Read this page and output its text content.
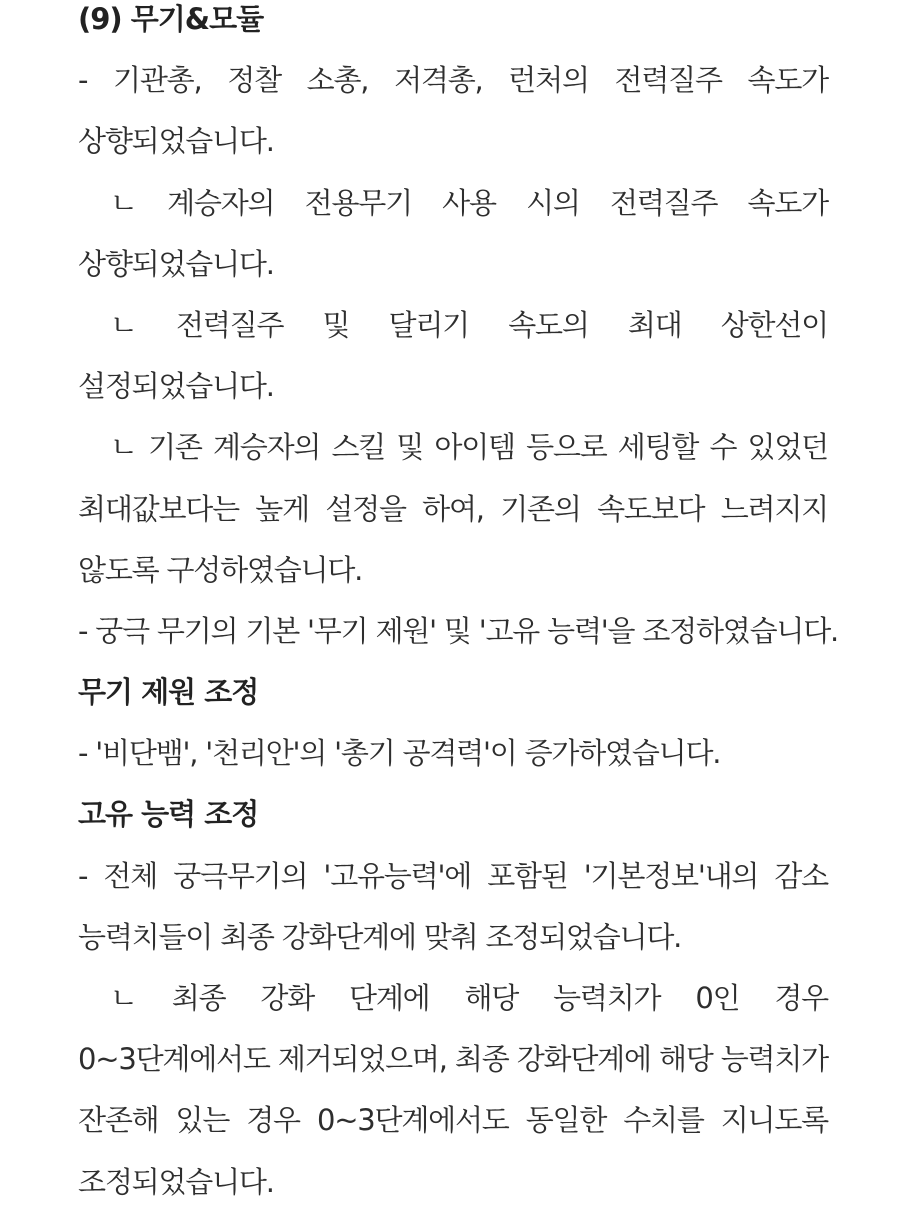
(9) 무기&모듈
- 기관총, 정찰 소총, 저격총, 런처의 전력질주 속도가
상향되었습니다.
ㄴ 계승자의 전용무기 사용 시의 전력질주 속도가
상향되었습니다.
ㄴ 전력질주 및 달리기 속도의 최대 상한선이
설정되었습니다.
ㄴ 기존 계승자의 스킬 및 아이템 등으로 세팅할 수 있었던
최대값보다는 높게 설정을 하여, 기존의 속도보다 느려지지
않도록 구성하였습니다.
- 궁극 무기의 기본 '무기 제원' 및 '고유 능력'을 조정하였습니다.
무기 제원 조정
- '비단뱀', '천리안'의 '총기 공격력'이 증가하였습니다.
고유 능력 조정
- 전체 궁극무기의 '고유능력'에 포함된 '기본정보'내의 감소
능력치들이 최종 강화단계에 맞춰 조정되었습니다.
ㄴ 최종 강화 단계에 해당 능력치가 0인 경우
0~3단계에서도 제거되었으며, 최종 강화단계에 해당 능력치가
잔존해 있는 경우 0~3단계에서도 동일한 수치를 지니도록
조정되었습니다.
